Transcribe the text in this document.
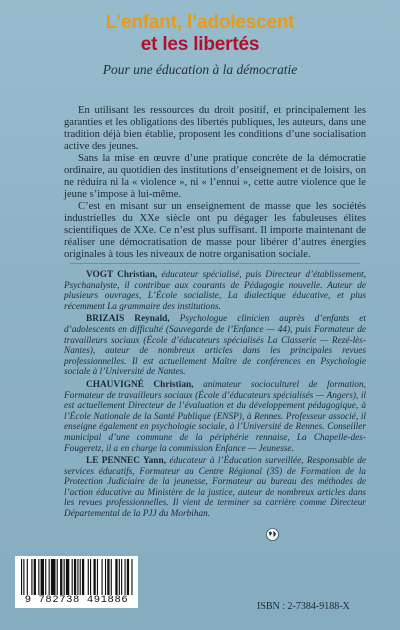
L’enfant, l’adolescent
et les libertés
Pour une éducation à la démocratie

En utilisant les ressources du droit positif, et principalement les garanties et les obligations des libertés publiques, les auteurs, dans une tradition déjà bien établie, proposent les conditions d’une socialisation active des jeunes.

Sans la mise en œuvre d’une pratique concrète de la démocratie ordinaire, au quotidien des institutions d’enseignement et de loisirs, on ne réduira ni la « violence », ni « l’ennui », cette autre violence que le jeune s’impose à lui-même.

C’est en misant sur un enseignement de masse que les sociétés industrielles du XXe siècle ont pu dégager les fabuleuses élites scientifiques de XXe. Ce n’est plus suffisant. Il importe maintenant de réaliser une démocratisation de masse pour libérer d’autres énergies originales à tous les niveaux de notre organisation sociale.

VOGT Christian, éducateur spécialisé, puis Directeur d’établissement, Psychanalyste, il contribue aux courants de Pédagogie nouvelle. Auteur de plusieurs ouvrages, L’École socialiste, La dialectique éducative, et plus récemment La grammaire des institutions.

BRIZAIS Reynald, Psychologue clinicien auprès d’enfants et d’adolescents en difficulté (Sauvegarde de l’Enfance — 44), puis Formateur de travailleurs sociaux (École d’éducateurs spécialisés La Classerie — Rezé-lès-Nantes), auteur de nombreux articles dans les principales revues professionnelles. Il est actuellement Maître de conférences en Psychologie sociale à l’Université de Nantes.

CHAUVIGNÉ Christian, animateur socioculturel de formation, Formateur de travailleurs sociaux (École d’éducateurs spécialisés — Angers), il est actuellement Directeur de l’évaluation et du développement pédagogique, à l’École Nationale de la Santé Publique (ENSP), à Rennes. Professeur associé, il enseigne également en psychologie sociale, à l’Université de Rennes. Conseiller municipal d’une commune de la périphérie rennaise, La Chapelle-des-Fougeretz, il a en charge la commission Enfance — Jeunesse.

LE PENNEC Yann, éducateur à l’Éducation surveillée, Responsable de services éducatifs, Formateur au Centre Régional (35) de Formation de la Protection Judiciaire de la jeunesse, Formateur au bureau des méthodes de l’action éducative au Ministère de la justice, auteur de nombreux articles dans les revues professionnelles. Il vient de terminer sa carrière comme Directeur Départemental de la PJJ du Morbihan.

9 782738 491886
ISBN : 2-7384-9188-X
